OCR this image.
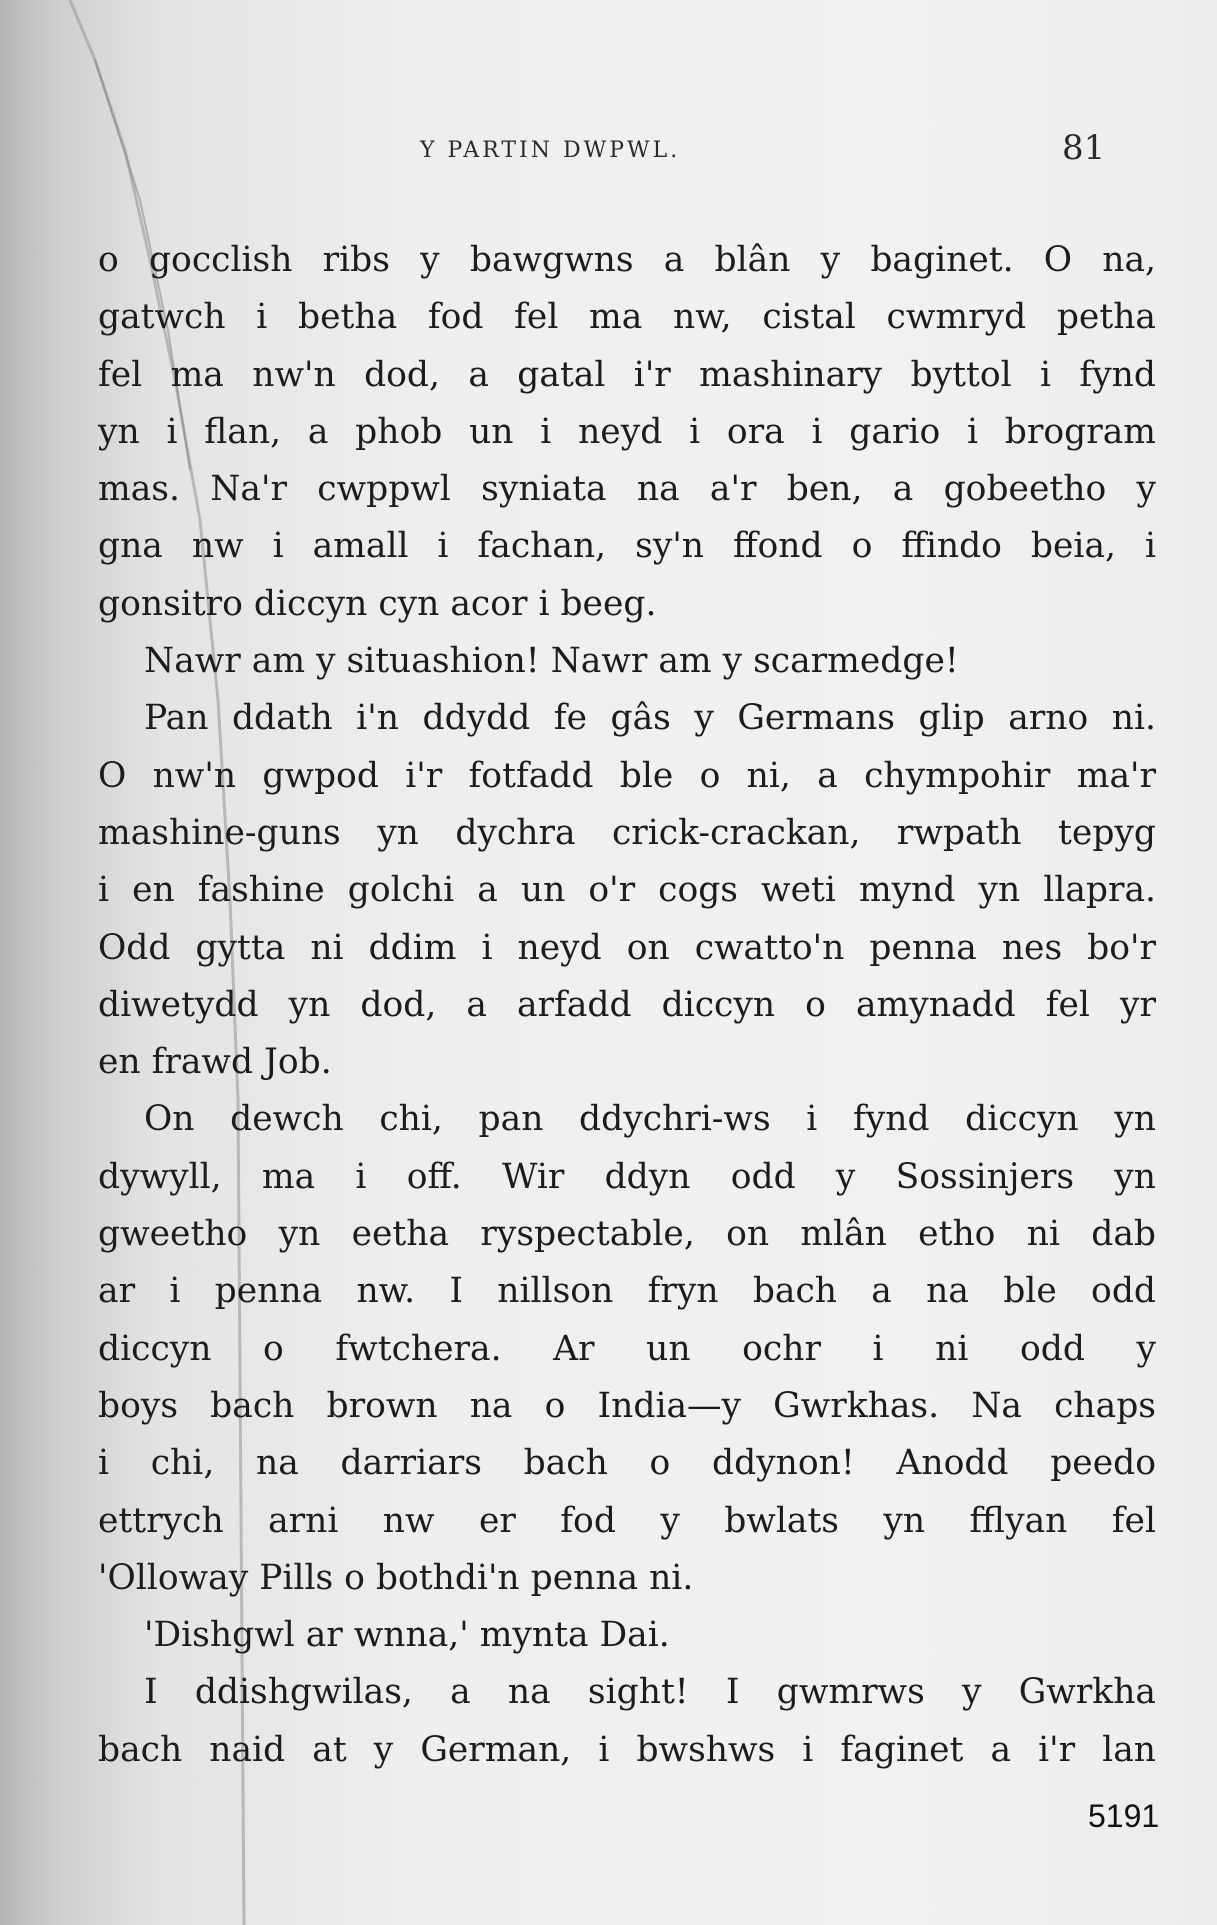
Y PARTIN DWPWL.	81
o gocclish ribs y bawgwns a blân y baginet. O na,
gatwch i betha fod fel ma nw, cistal cwmryd petha
fel ma nw'n dod, a gatal i'r mashinary byttol i fynd
yn i flan, a phob un i neyd i ora i gario i brogram
mas. Na'r cwppwl syniata na a'r ben, a gobeetho y
gna nw i amall i fachan, sy'n ffond o ffindo beia, i
gonsitro diccyn cyn acor i beeg.
Nawr am y situashion! Nawr am y scarmedge!
Pan ddath i'n ddydd fe gâs y Germans glip arno ni.
O nw'n gwpod i'r fotfadd ble o ni, a chympohir ma'r
mashine-guns yn dychra crick-crackan, rwpath tepyg
i en fashine golchi a un o'r cogs weti mynd yn llapra.
Odd gytta ni ddim i neyd on cwatto'n penna nes bo'r
diwetydd yn dod, a arfadd diccyn o amynadd fel yr
en frawd Job.
On dewch chi, pan ddychri-ws i fynd diccyn yn
dywyll, ma i off. Wir ddyn odd y Sossinjers yn
gweetho yn eetha ryspectable, on mlân etho ni dab
ar i penna nw. I nillson fryn bach a na ble odd
diccyn o fwtchera. Ar un ochr i ni odd y
boys bach brown na o India—y Gwrkhas. Na chaps
i chi, na darriars bach o ddynon! Anodd peedo
ettrych arni nw er fod y bwlats yn fflyan fel
'Olloway Pills o bothdi'n penna ni.
'Dishgwl ar wnna,' mynta Dai.
I ddishgwilas, a na sight! I gwmrws y Gwrkha
bach naid at y German, i bwshws i faginet a i'r lan
5191
